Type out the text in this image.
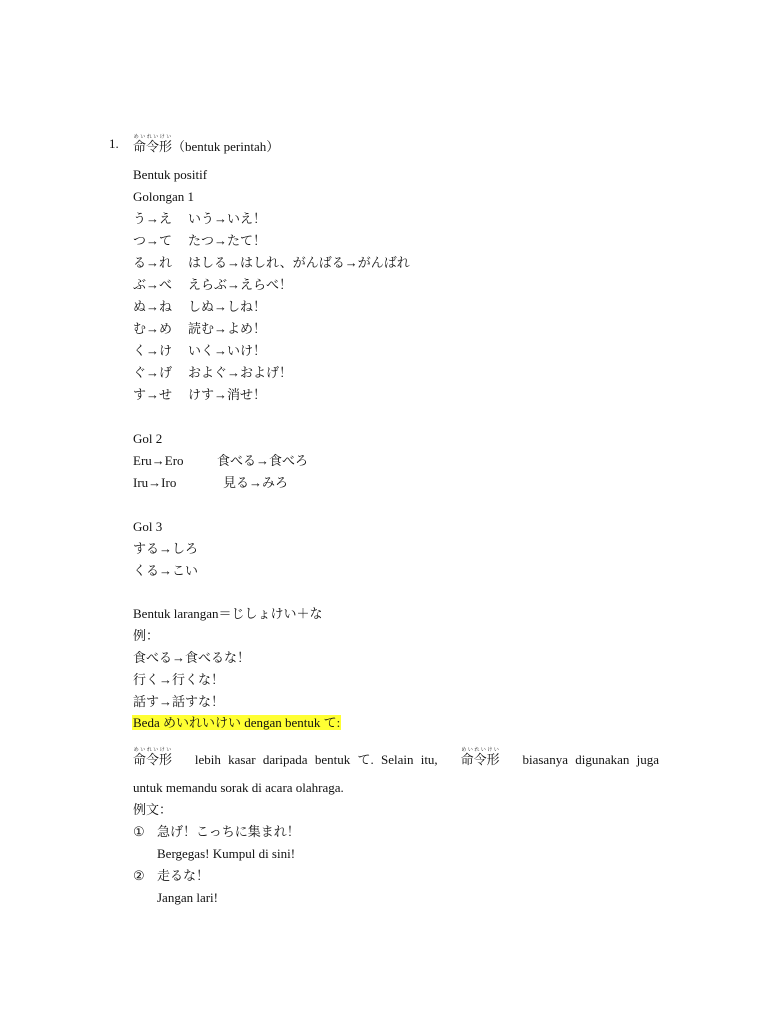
1. 命令形めいれいけい（bentuk perintah）
Bentuk positif
Golongan 1
う→え いう→いえ！
つ→て たつ→たて！
る→れ はしる→はしれ、がんばる→がんばれ
ぶ→べ えらぶ→えらべ！
ぬ→ね しぬ→しね！
む→め 読む→よめ！
く→け いく→いけ！
ぐ→げ およぐ→およげ！
す→せ けす→消せ！
Gol 2
Eru→Ero	食べる→食べろ
Iru→Iro	見る→みろ
Gol 3
する→しろ
くる→こい
Bentuk larangan＝じしょけい＋な
例：
食べる→食べるな！
行く→行くな！
話す→話すな！
Beda めいれいけい dengan bentuk て:
命令形めいれいけい
lebih kasar daripada bentuk て. Selain itu, 命令形めいれいけい
biasanya digunakan juga
untuk memandu sorak di acara olahraga.
例文：
① 急げ！こっちに集まれ！
Bergegas! Kumpul di sini!
② 走るな！
Jangan lari!
